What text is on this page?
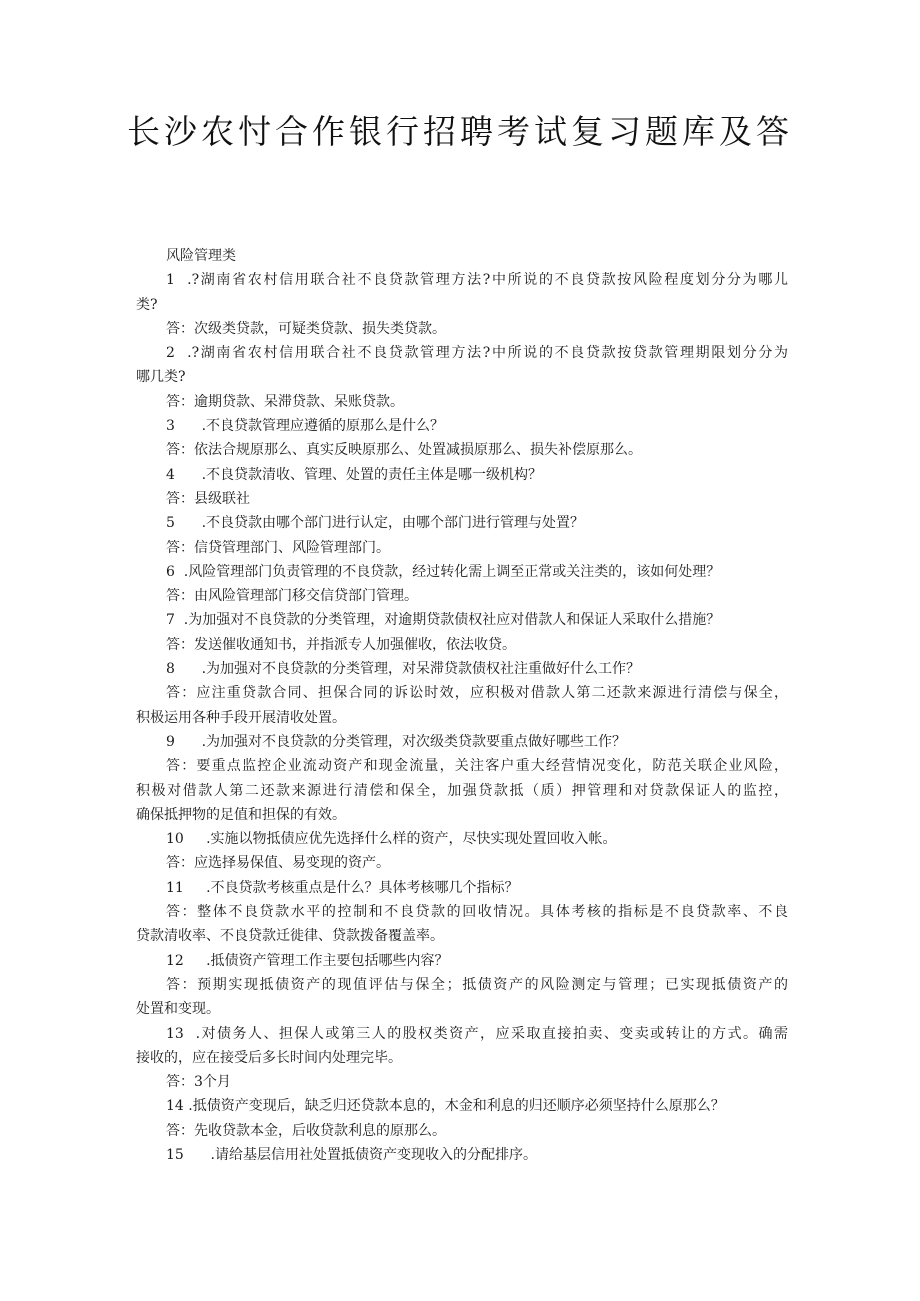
长沙农忖合作银行招聘考试复习题库及答

风险管理类

1  .?湖南省农村信用联合社不良贷款管理方法?中所说的不良贷款按风险程度划分分为哪儿

类?

答：次级类贷款，可疑类贷款、损失类贷款。

2  .?湖南省农村信用联合社不良贷款管理方法?中所说的不良贷款按贷款管理期限划分分为

哪几类?

答：逾期贷款、呆滞贷款、呆账贷款。

3      .不良贷款管理应遵循的原那么是什么？

答：依法合规原那么、真实反映原那么、处置减损原那么、损失补偿原那么。

4      .不良贷款清收、管理、处置的责任主体是哪一级机构？

答：县级联社

5      .不良贷款由哪个部门进行认定，由哪个部门进行管理与处置？

答：信贷管理部门、风险管理部门。

6  .风险管理部门负责管理的不良贷款，经过转化需上调至正常或关注类的，该如何处理？

答：由风险管理部门移交信贷部门管理。

7  .为加强对不良贷款的分类管理，对逾期贷款债权社应对借款人和保证人采取什么措施？

答：发送催收通知书，并指派专人加强催收，依法收贷。

8      .为加强对不良贷款的分类管理，对呆滞贷款债权社注重做好什么工作？

答：应注重贷款合同、担保合同的诉讼时效，应积极对借款人第二还款来源进行清偿与保全，

积极运用各种手段开展清收处置。

9      .为加强对不良贷款的分类管理，对次级类贷款要重点做好哪些工作？

答：要重点监控企业流动资产和现金流量，关注客户重大经营情况变化，防范关联企业风险，

积极对借款人第二还款来源进行清偿和保全，加强贷款抵（质）押管理和对贷款保证人的监控，

确保抵押物的足值和担保的有效。

10     .实施以物抵债应优先选择什么样的资产，尽快实现处置回收入帐。

答：应选择易保值、易变现的资产。

11     .不良贷款考核重点是什么？具体考核哪几个指标？

答：整体不良贷款水平的控制和不良贷款的回收情况。具体考核的指标是不良贷款率、不良

贷款清收率、不良贷款迁徙律、贷款拨备覆盖率。

12     .抵债资产管理工作主要包括哪些内容？

答：预期实现抵债资产的现值评估与保全；抵债资产的风险测定与管理；已实现抵债资产的

处置和变现。

13  .对债务人、担保人或第三人的股权类资产，应采取直接拍卖、变卖或转让的方式。确需

接收的，应在接受后多长时间内处理完毕。

答：3个月

14 .抵债资产变现后，缺乏归还贷款本息的，木金和利息的归还顺序必须坚持什么原那么？

答：先收贷款本金，后收贷款利息的原那么。

15      .请给基层信用社处置抵债资产变现收入的分配排序。
